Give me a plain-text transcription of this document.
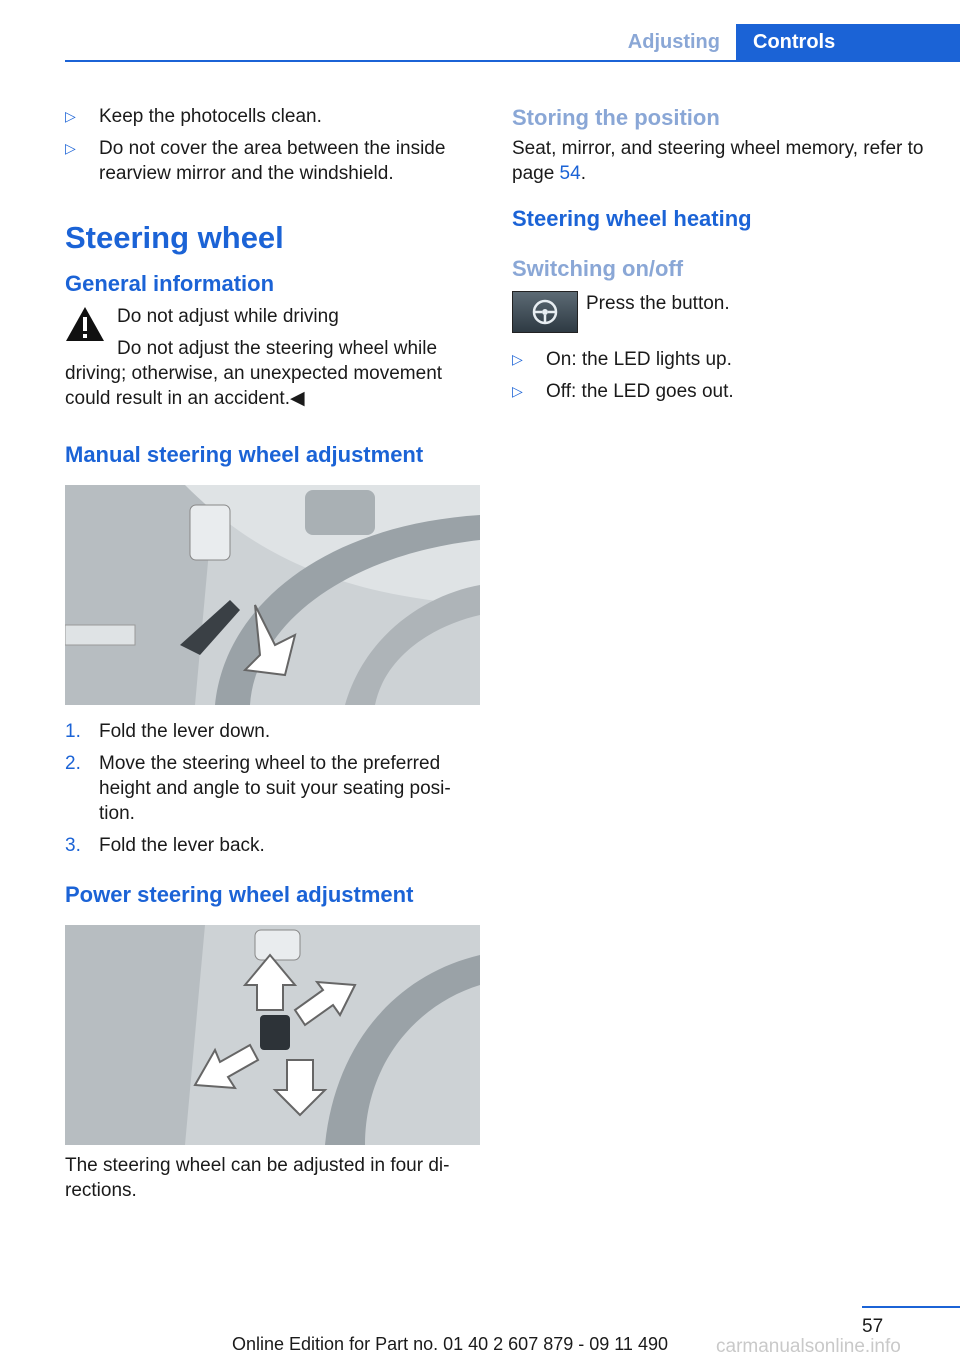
Adjusting Controls
▷ Keep the photocells clean.
▷ Do not cover the area between the inside rearview mirror and the windshield.
Steering wheel
General information
Do not adjust while driving
Do not adjust the steering wheel while
driving; otherwise, an unexpected movement could result in an accident.◀
Manual steering wheel adjustment
1. Fold the lever down.
2. Move the steering wheel to the preferred height and angle to suit your seating posi-tion.
3. Fold the lever back.
Power steering wheel adjustment
The steering wheel can be adjusted in four di-rections.
Storing the position
Seat, mirror, and steering wheel memory, refer to page 54.
Steering wheel heating
Switching on/off
Press the button.
▷ On: the LED lights up.
▷ Off: the LED goes out.
57
Online Edition for Part no. 01 40 2 607 879 - 09 11 490	carmanualsonline.info
